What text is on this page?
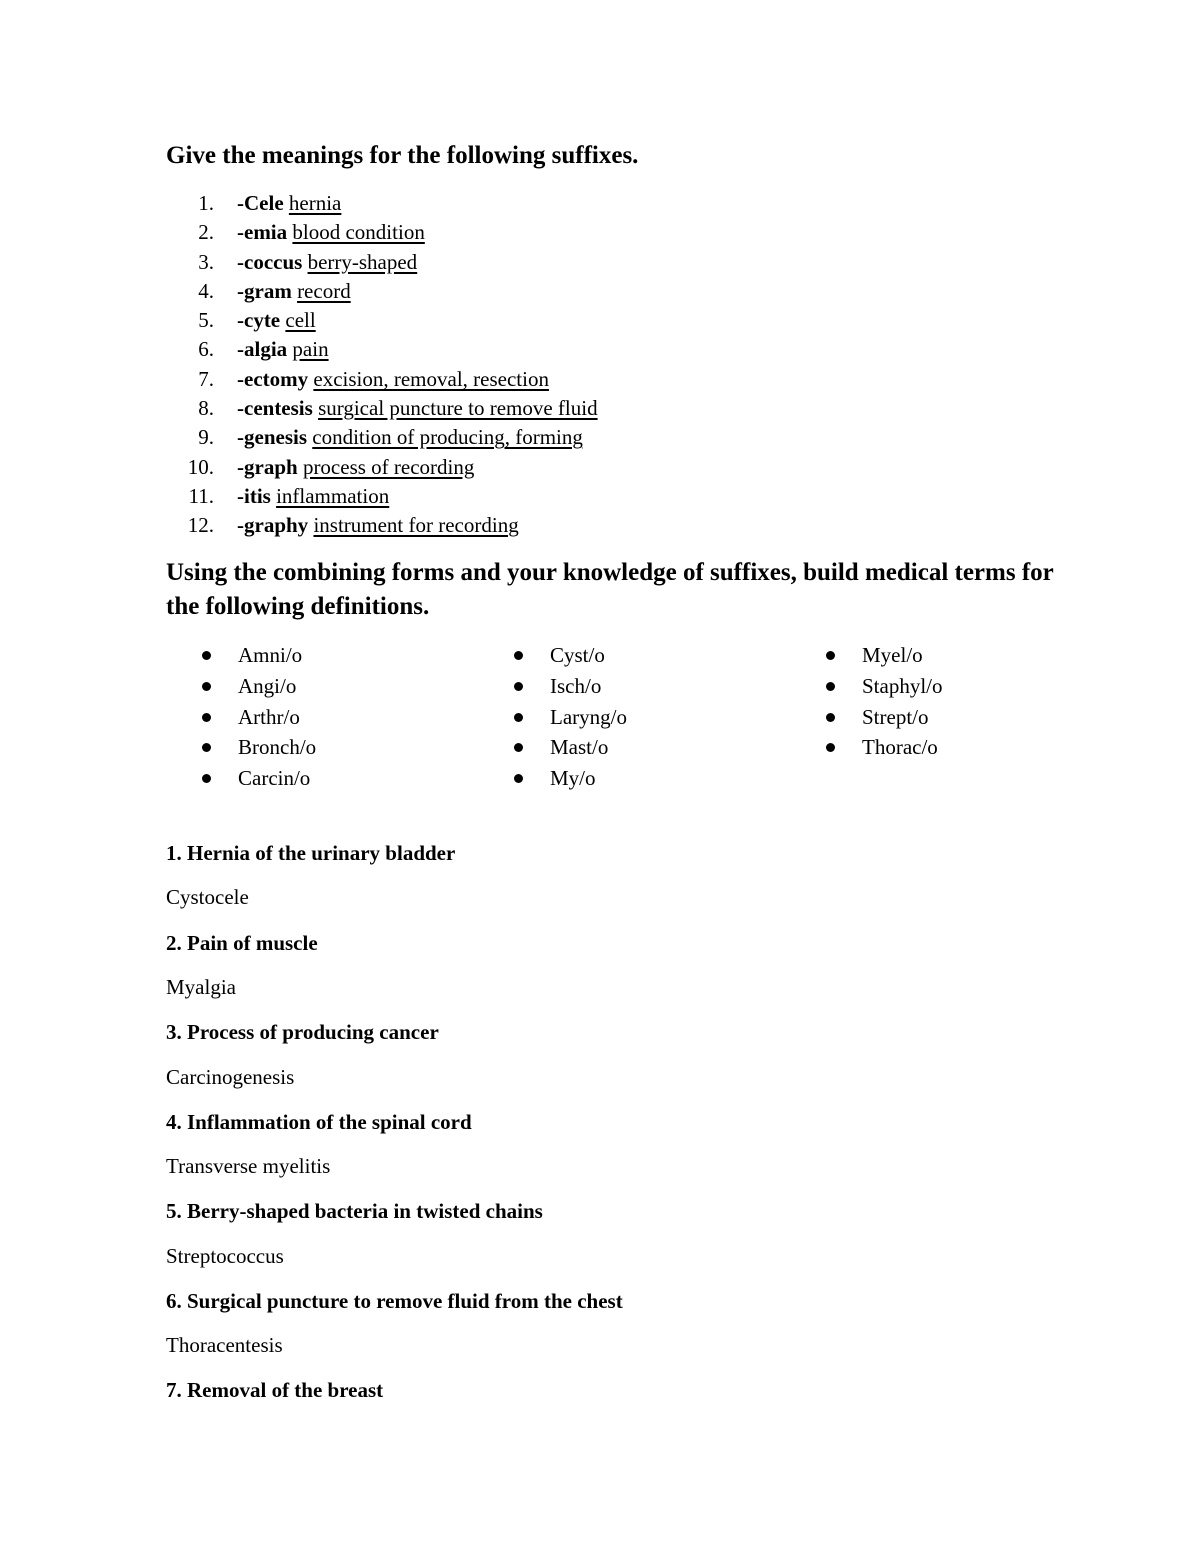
Give the meanings for the following suffixes.
1. -Cele hernia
2. -emia blood condition
3. -coccus berry-shaped
4. -gram record
5. -cyte cell
6. -algia pain
7. -ectomy excision, removal, resection
8. -centesis surgical puncture to remove fluid
9. -genesis condition of producing, forming
10. -graph process of recording
11. -itis inflammation
12. -graphy instrument for recording
Using the combining forms and your knowledge of suffixes, build medical terms for the following definitions.
Amni/o
Angi/o
Arthr/o
Bronch/o
Carcin/o
Cyst/o
Isch/o
Laryng/o
Mast/o
My/o
Myel/o
Staphyl/o
Strept/o
Thorac/o
1. Hernia of the urinary bladder
Cystocele
2. Pain of muscle
Myalgia
3. Process of producing cancer
Carcinogenesis
4. Inflammation of the spinal cord
Transverse myelitis
5. Berry-shaped bacteria in twisted chains
Streptococcus
6. Surgical puncture to remove fluid from the chest
Thoracentesis
7. Removal of the breast
